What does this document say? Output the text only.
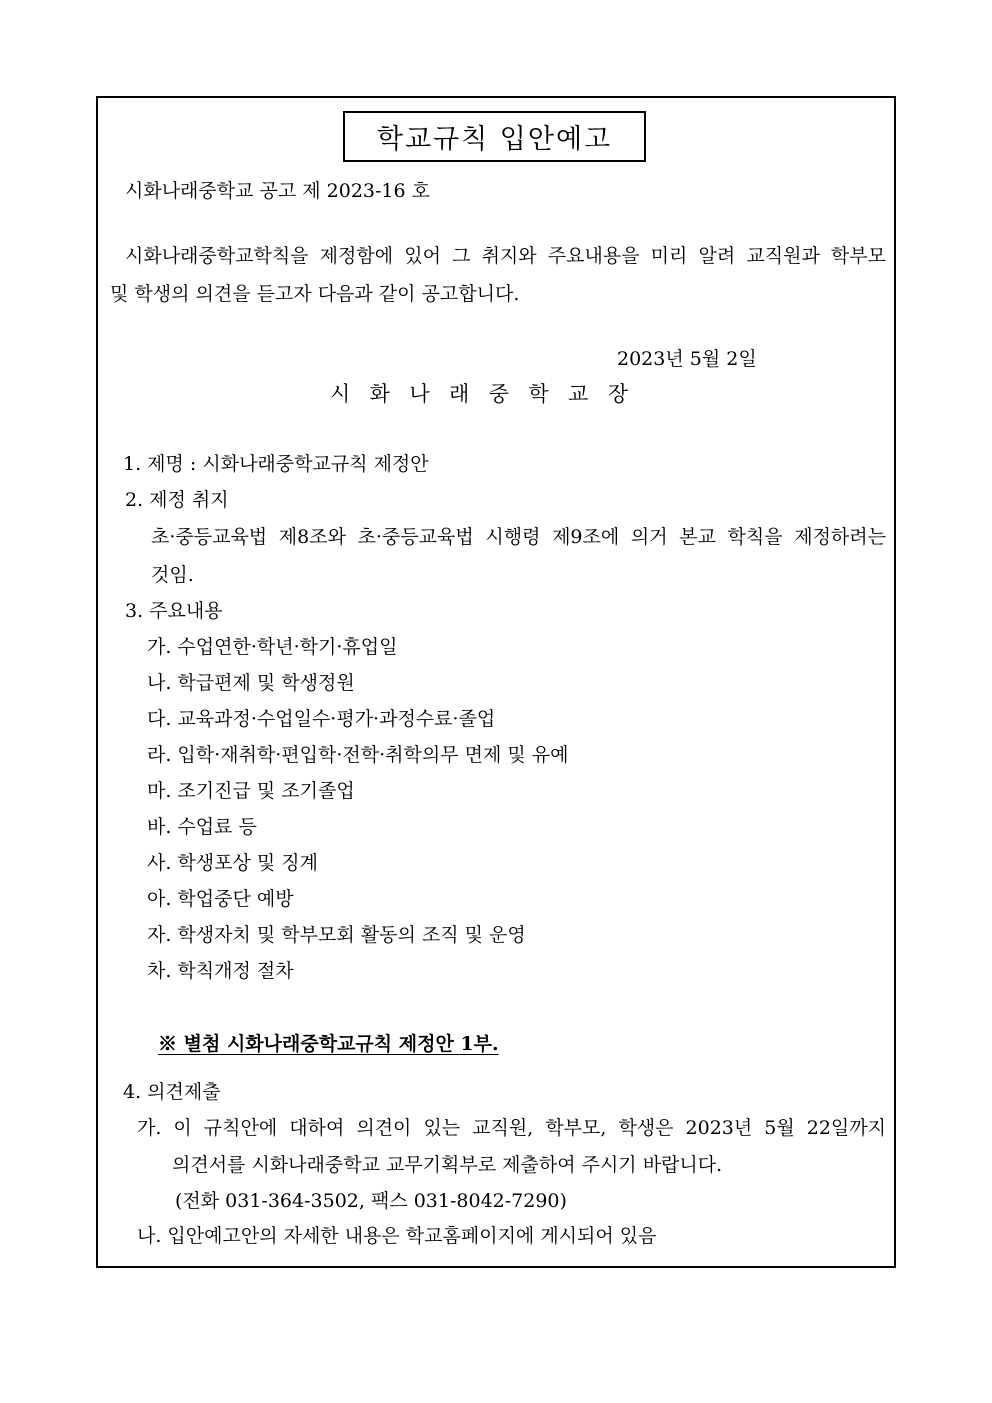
학교규칙 입안예고
시화나래중학교 공고 제 2023-16 호
시화나래중학교학칙을 제정함에 있어 그 취지와 주요내용을 미리 알려 교직원과 학부모
및 학생의 의견을 듣고자 다음과 같이 공고합니다.
2023년 5월 2일
시 화 나 래 중 학 교 장
1. 제명 : 시화나래중학교규칙 제정안
2. 제정 취지
초·중등교육법 제8조와 초·중등교육법 시행령 제9조에 의거 본교 학칙을 제정하려는
것임.
3. 주요내용
가. 수업연한·학년·학기·휴업일
나. 학급편제 및 학생정원
다. 교육과정·수업일수·평가·과정수료·졸업
라. 입학·재취학·편입학·전학·취학의무 면제 및 유예
마. 조기진급 및 조기졸업
바. 수업료 등
사. 학생포상 및 징계
아. 학업중단 예방
자. 학생자치 및 학부모회 활동의 조직 및 운영
차. 학칙개정 절차
※ 별첨 시화나래중학교규칙 제정안 1부.
4. 의견제출
가. 이 규칙안에 대하여 의견이 있는 교직원, 학부모, 학생은 2023년 5월 22일까지
의견서를 시화나래중학교 교무기획부로 제출하여 주시기 바랍니다.
(전화 031-364-3502, 팩스 031-8042-7290)
나. 입안예고안의 자세한 내용은 학교홈페이지에 게시되어 있음
